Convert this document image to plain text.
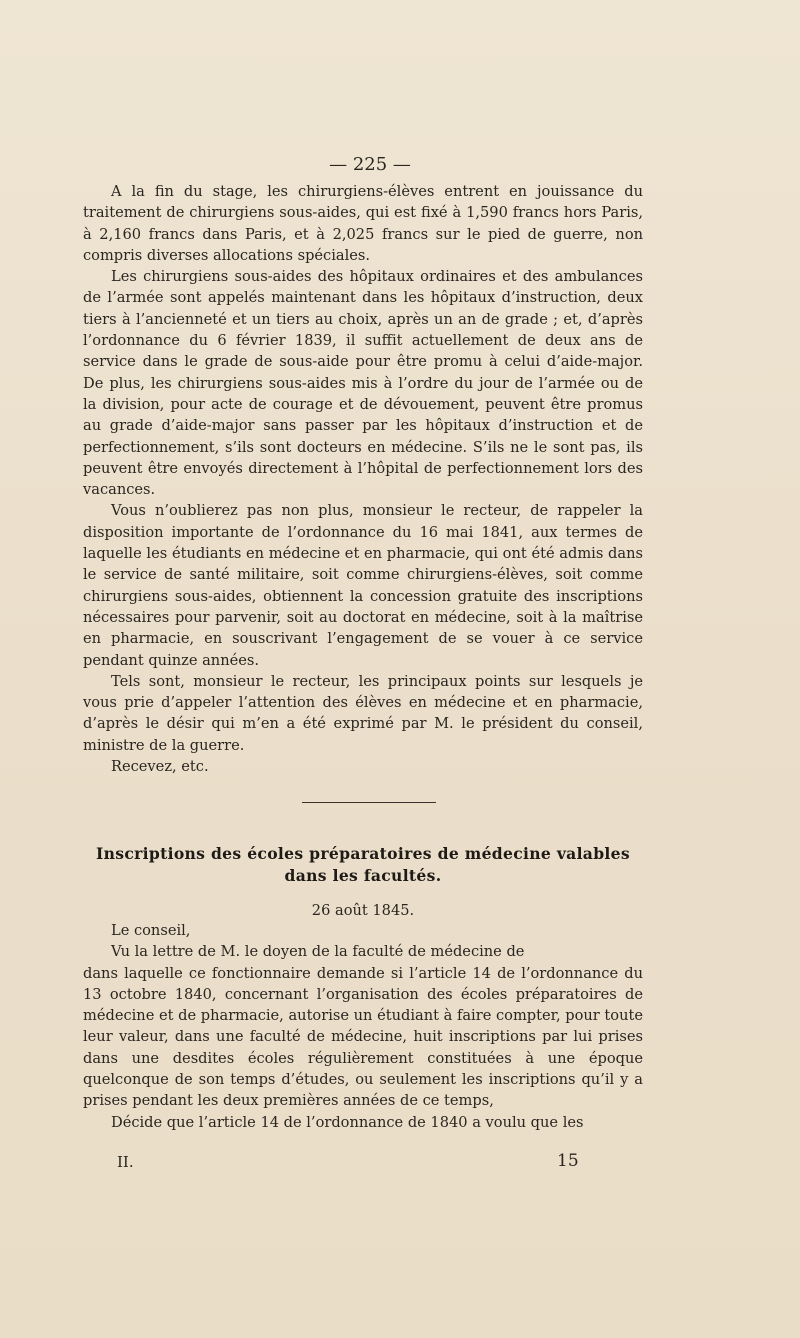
— 225 —

A la fin du stage, les chirurgiens-élèves entrent en jouissance du traitement de chirurgiens sous-aides, qui est fixé à 1,590 francs hors Paris, à 2,160 francs dans Paris, et à 2,025 francs sur le pied de guerre, non compris diverses allocations spéciales.

Les chirurgiens sous-aides des hôpitaux ordinaires et des ambulances de l’armée sont appelés maintenant dans les hôpitaux d’instruction, deux tiers à l’ancienneté et un tiers au choix, après un an de grade ; et, d’après l’ordonnance du 6 février 1839, il suffit actuellement de deux ans de service dans le grade de sous-aide pour être promu à celui d’aide-major. De plus, les chirurgiens sous-aides mis à l’ordre du jour de l’armée ou de la division, pour acte de courage et de dévouement, peuvent être promus au grade d’aide-major sans passer par les hôpitaux d’instruction et de perfectionnement, s’ils sont docteurs en médecine. S’ils ne le sont pas, ils peuvent être envoyés directement à l’hôpital de perfectionnement lors des vacances.

Vous n’oublierez pas non plus, monsieur le recteur, de rappeler la disposition importante de l’ordonnance du 16 mai 1841, aux termes de laquelle les étudiants en médecine et en pharmacie, qui ont été admis dans le service de santé militaire, soit comme chirurgiens-élèves, soit comme chirurgiens sous-aides, obtiennent la concession gratuite des inscriptions nécessaires pour parvenir, soit au doctorat en médecine, soit à la maîtrise en pharmacie, en souscrivant l’engagement de se vouer à ce service pendant quinze années.

Tels sont, monsieur le recteur, les principaux points sur lesquels je vous prie d’appeler l’attention des élèves en médecine et en pharmacie, d’après le désir qui m’en a été exprimé par M. le président du conseil, ministre de la guerre.

Recevez, etc.

Inscriptions des écoles préparatoires de médecine valables
dans les facultés.
26 août 1845.

Le conseil,

Vu la lettre de M. le doyen de la faculté de médecine de

dans laquelle ce fonctionnaire demande si l’article 14 de l’ordonnance du 13 octobre 1840, concernant l’organisation des écoles préparatoires de médecine et de pharmacie, autorise un étudiant à faire compter, pour toute leur valeur, dans une faculté de médecine, huit inscriptions par lui prises dans une desdites écoles régulièrement constituées à une époque quelconque de son temps d’études, ou seulement les inscriptions qu’il y a prises pendant les deux premières années de ce temps,

Décide que l’article 14 de l’ordonnance de 1840 a voulu que les

II.	15
